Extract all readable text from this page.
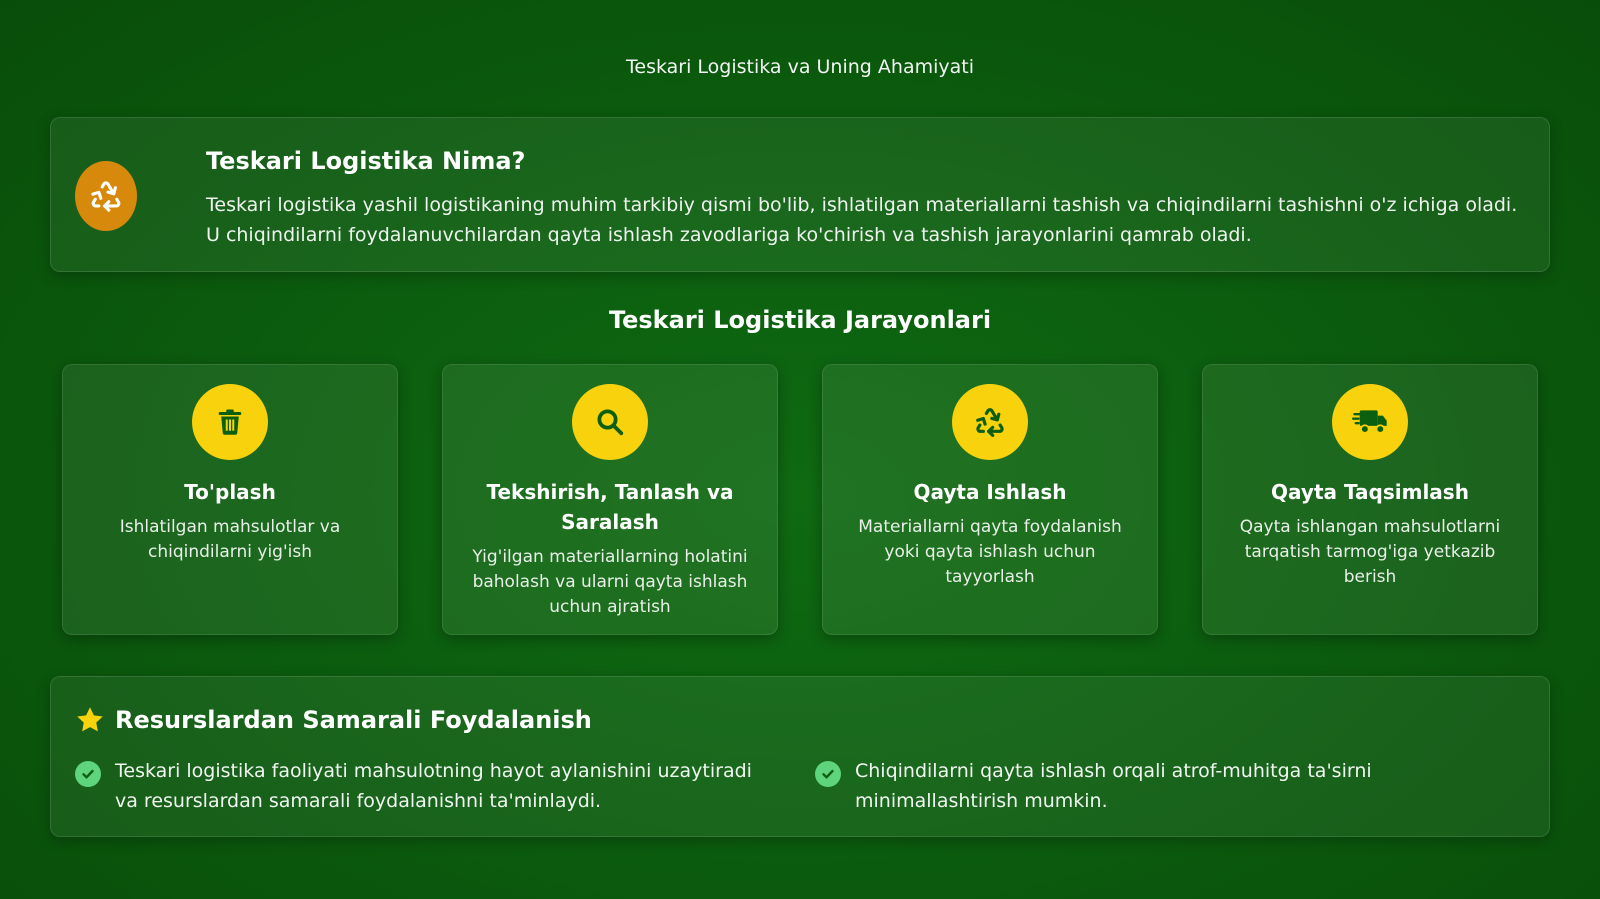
Teskari Logistika va Uning Ahamiyati
Teskari Logistika Nima?

Teskari logistika yashil logistikaning muhim tarkibiy qismi bo'lib, ishlatilgan materiallarni tashish va chiqindilarni tashishni o'z ichiga oladi. U chiqindilarni foydalanuvchilardan qayta ishlash zavodlariga ko'chirish va tashish jarayonlarini qamrab oladi.

Teskari Logistika Jarayonlari
To'plash
Ishlatilgan mahsulotlar va chiqindilarni yig'ish
Tekshirish, Tanlash va Saralash
Yig'ilgan materiallarning holatini baholash va ularni qayta ishlash uchun ajratish
Qayta Ishlash
Materiallarni qayta foydalanish yoki qayta ishlash uchun tayyorlash
Qayta Taqsimlash
Qayta ishlangan mahsulotlarni tarqatish tarmog'iga yetkazib berish
Resurslardan Samarali Foydalanish
Teskari logistika faoliyati mahsulotning hayot aylanishini uzaytiradi va resurslardan samarali foydalanishni ta'minlaydi.
Chiqindilarni qayta ishlash orqali atrof-muhitga ta'sirni minimallashtirish mumkin.
